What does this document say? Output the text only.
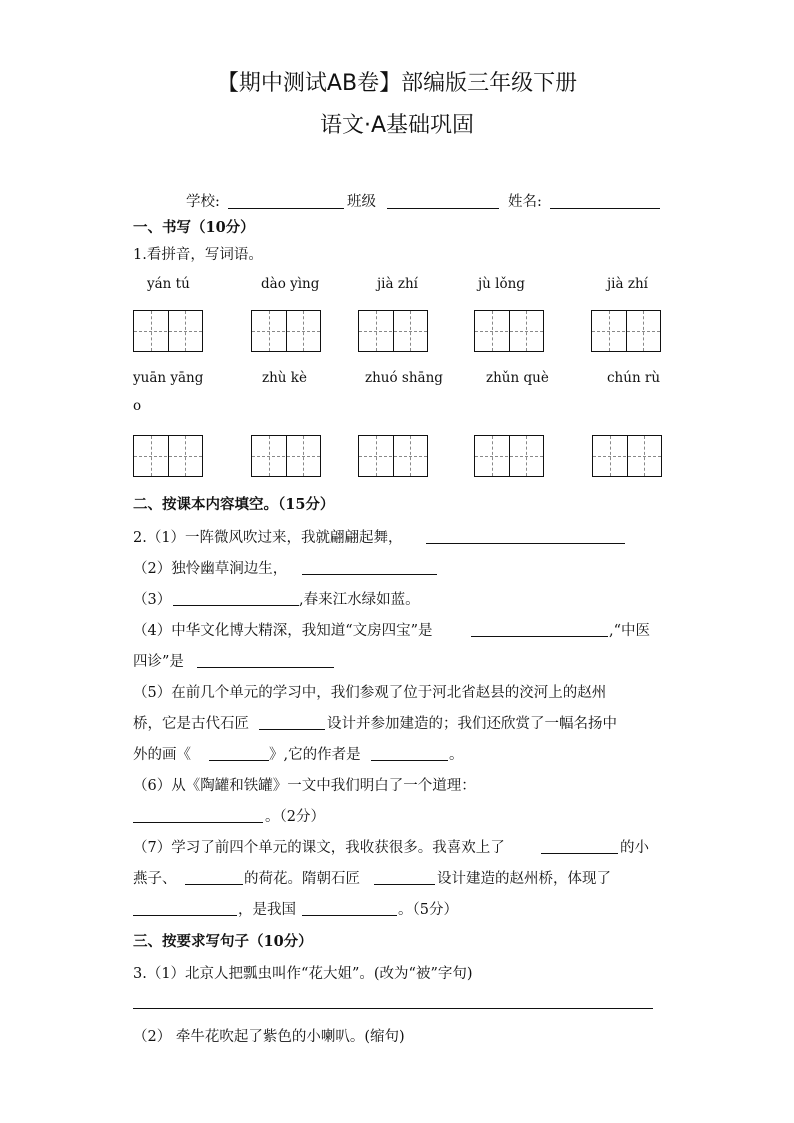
【期中测试AB卷】部编版三年级下册
语文·A基础巩固
学校:	班级	姓名:
一、书写（10分）
1.看拼音，写词语。
yán tú	dào yìng	jià zhí	jù lǒng	jià zhí
yuān yāng	zhù kè	zhuó shāng	zhǔn què	chún rù
o
二、按课本内容填空。（15分）
2.（1）一阵微风吹过来，我就翩翩起舞，
（2）独怜幽草涧边生，
（3）	,春来江水绿如蓝。
（4）中华文化博大精深，我知道“文房四宝”是	,“中医
四诊”是
（5）在前几个单元的学习中，我们参观了位于河北省赵县的洨河上的赵州
桥，它是古代石匠	设计并参加建造的；我们还欣赏了一幅名扬中
外的画《	》,它的作者是	。
（6）从《陶罐和铁罐》一文中我们明白了一个道理：
。（2分）
（7）学习了前四个单元的课文，我收获很多。我喜欢上了	的小
燕子、	的荷花。隋朝石匠	设计建造的赵州桥，体现了
，是我国	。（5分）
三、按要求写句子（10分）
3.（1）北京人把瓢虫叫作“花大姐”。(改为“被”字句)
（2） 牵牛花吹起了紫色的小喇叭。(缩句)
